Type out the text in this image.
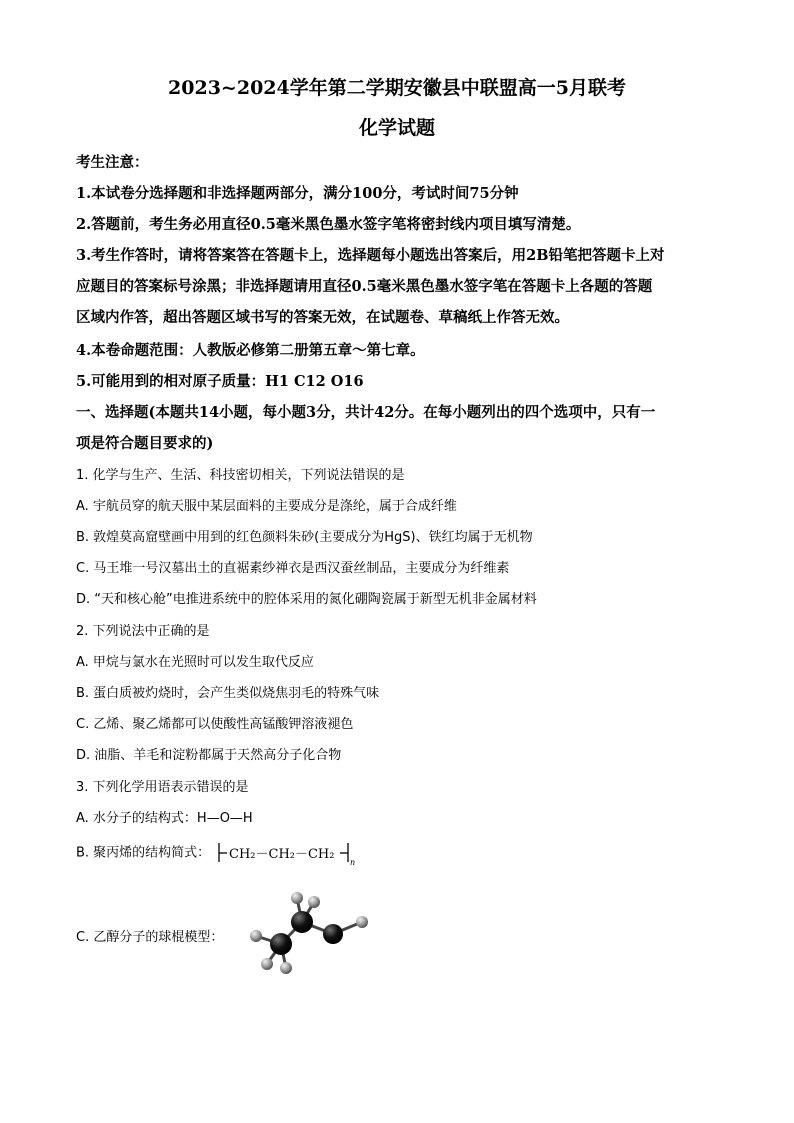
2023~2024学年第二学期安徽县中联盟高一5月联考
化学试题
考生注意：
1.本试卷分选择题和非选择题两部分，满分100分，考试时间75分钟
2.答题前，考生务必用直径0.5毫米黑色墨水签字笔将密封线内项目填写清楚。
3.考生作答时，请将答案答在答题卡上，选择题每小题选出答案后，用2B铅笔把答题卡上对
应题目的答案标号涂黑；非选择题请用直径0.5毫米黑色墨水签字笔在答题卡上各题的答题
区域内作答，超出答题区域书写的答案无效，在试题卷、草稿纸上作答无效。
4.本卷命题范围：人教版必修第二册第五章～第七章。
5.可能用到的相对原子质量：H1 C12 O16
一、选择题(本题共14小题，每小题3分，共计42分。在每小题列出的四个选项中，只有一
项是符合题目要求的)
1. 化学与生产、生活、科技密切相关，下列说法错误的是
A. 宇航员穿的航天服中某层面料的主要成分是涤纶，属于合成纤维
B. 敦煌莫高窟壁画中用到的红色颜料朱砂(主要成分为HgS)、铁红均属于无机物
C. 马王堆一号汉墓出土的直裾素纱禅衣是西汉蚕丝制品，主要成分为纤维素
D. “天和核心舱”电推进系统中的腔体采用的氮化硼陶瓷属于新型无机非金属材料
2. 下列说法中正确的是
A. 甲烷与氯水在光照时可以发生取代反应
B. 蛋白质被灼烧时，会产生类似烧焦羽毛的特殊气味
C. 乙烯、聚乙烯都可以使酸性高锰酸钾溶液褪色
D. 油脂、羊毛和淀粉都属于天然高分子化合物
3. 下列化学用语表示错误的是
A. 水分子的结构式：H—O—H
B. 聚丙烯的结构简式： CH₂－CH₂－CH₂
n
C. 乙醇分子的球棍模型：
